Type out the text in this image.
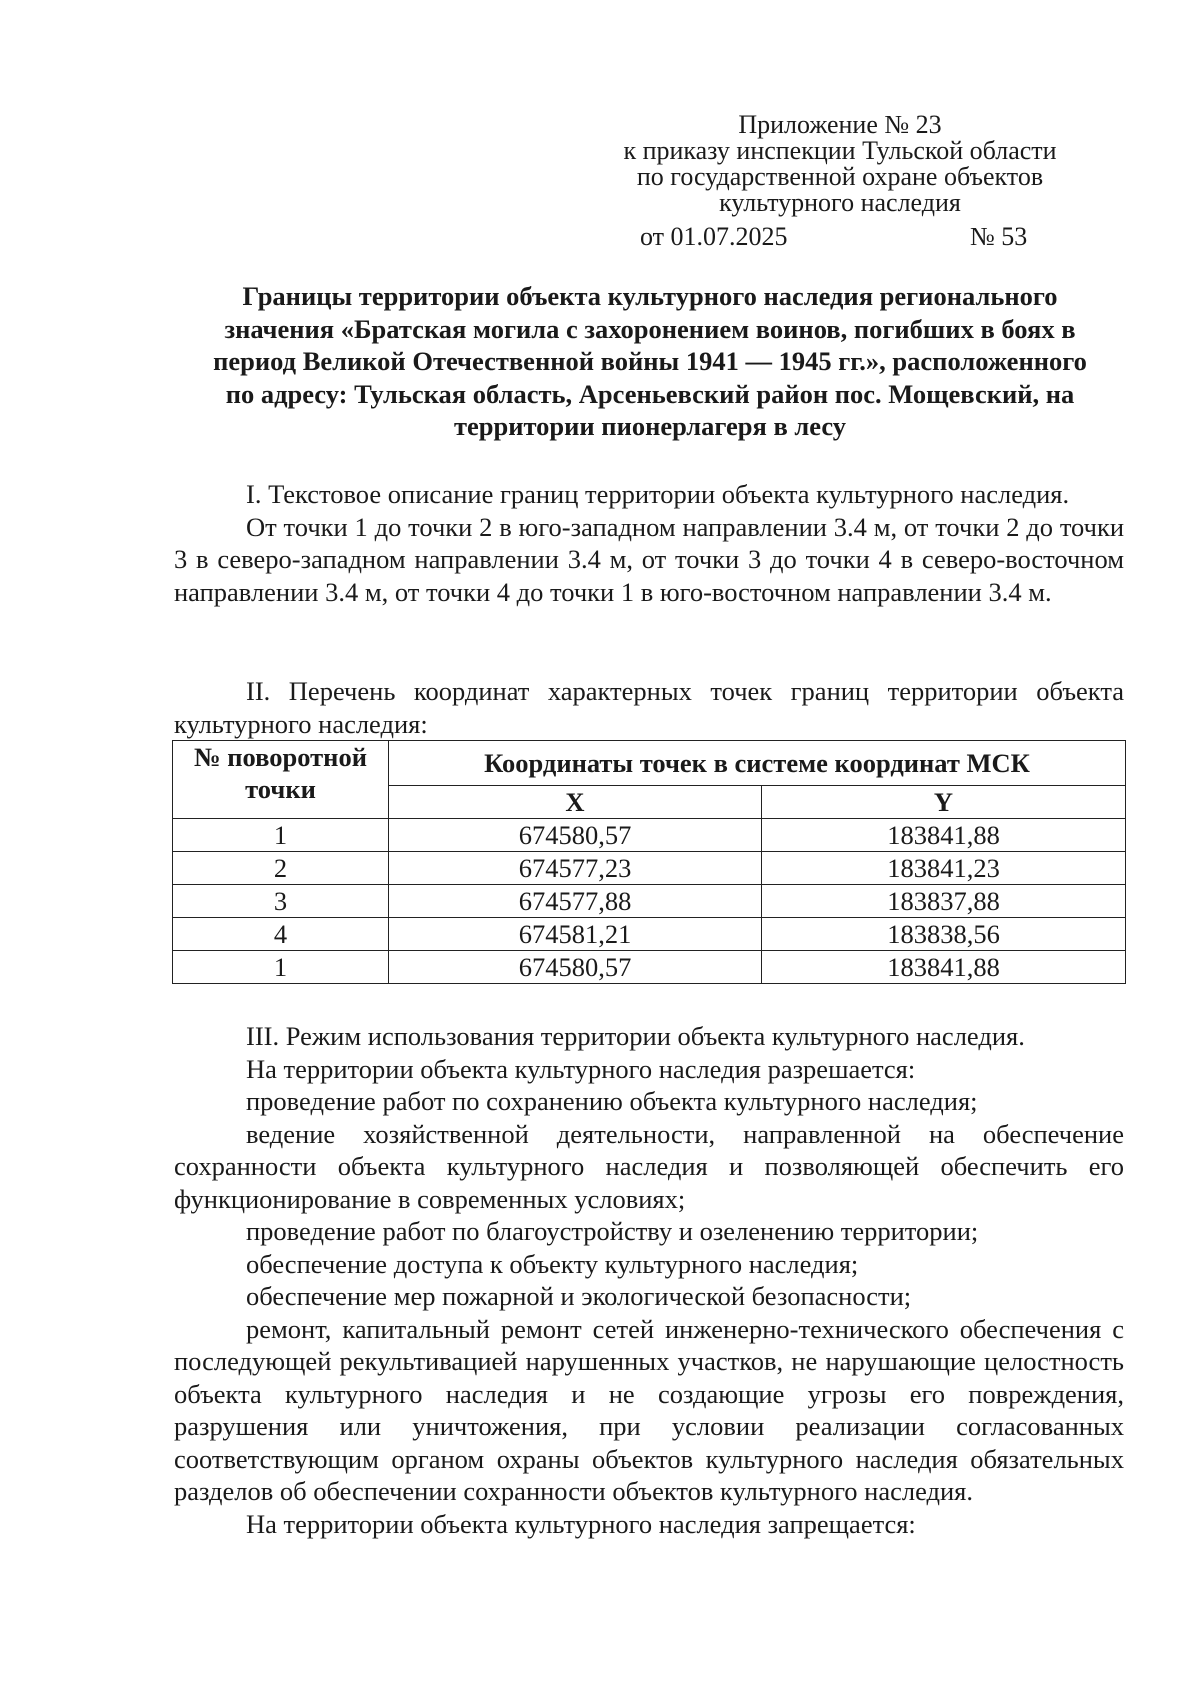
Приложение № 23
к приказу инспекции Тульской области
по государственной охране объектов
культурного наследия
от 01.07.2025	№ 53
Границы территории объекта культурного наследия регионального
значения «Братская могила с захоронением воинов, погибших в боях в
период Великой Отечественной войны 1941 — 1945 гг.», расположенного
по адресу: Тульская область, Арсеньевский район пос. Мощевский, на
территории пионерлагеря в лесу

I. Текстовое описание границ территории объекта культурного наследия.

От точки 1 до точки 2 в юго-западном направлении 3.4 м, от точки 2 до точки 3 в северо-западном направлении 3.4 м, от точки 3 до точки 4 в северо-восточном направлении 3.4 м, от точки 4 до точки 1 в юго-восточном направлении 3.4 м.

II. Перечень координат характерных точек границ территории объекта культурного наследия:

№ поворотной точки	Координаты точек в системе координат МСК	
	X	Y
1	674580,57	183841,88
2	674577,23	183841,23
3	674577,88	183837,88
4	674581,21	183838,56
1	674580,57	183841,88

III. Режим использования территории объекта культурного наследия.

На территории объекта культурного наследия разрешается:

проведение работ по сохранению объекта культурного наследия;

ведение хозяйственной деятельности, направленной на обеспечение сохранности объекта культурного наследия и позволяющей обеспечить его функционирование в современных условиях;

проведение работ по благоустройству и озеленению территории;

обеспечение доступа к объекту культурного наследия;

обеспечение мер пожарной и экологической безопасности;

ремонт, капитальный ремонт сетей инженерно-технического обеспечения с последующей рекультивацией нарушенных участков, не нарушающие целостность объекта культурного наследия и не создающие угрозы его повреждения, разрушения или уничтожения, при условии реализации согласованных соответствующим органом охраны объектов культурного наследия обязательных разделов об обеспечении сохранности объектов культурного наследия.

На территории объекта культурного наследия запрещается:
